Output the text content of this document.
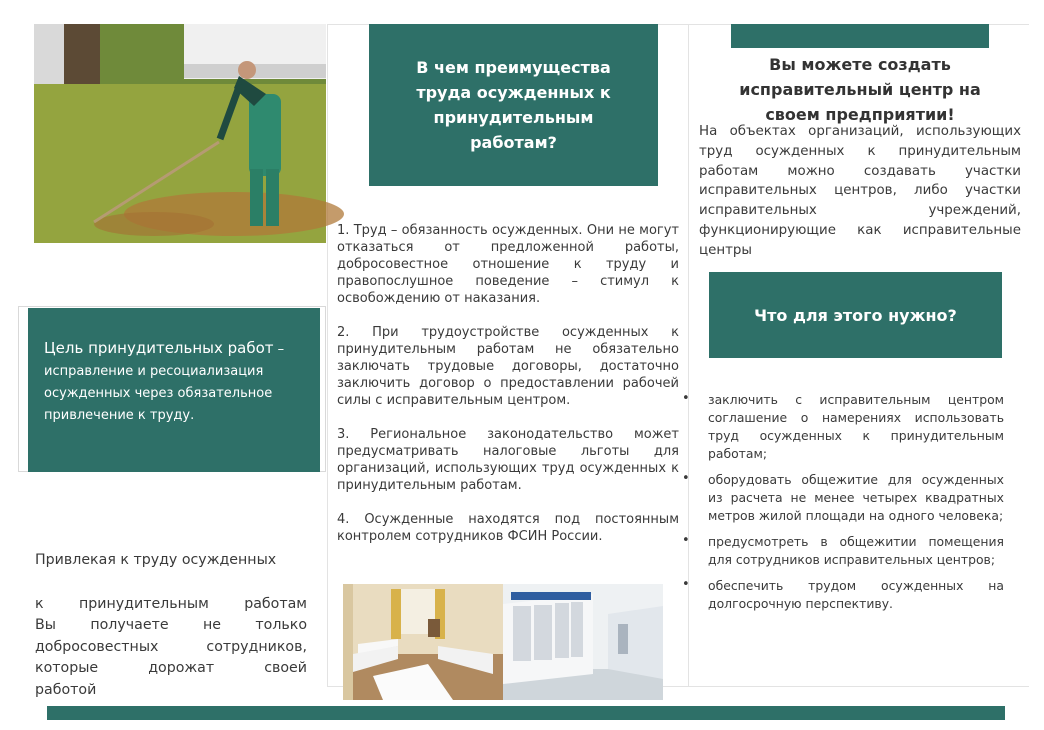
Цель принудительных работ – исправление и ресоциализация осужденных через обязательное привлечение к труду.
Привлекая к труду осужденных
к принудительным работам
Вы получаете не только
добросовестных сотрудников,
которые дорожат своей
работой
В чем преимущества труда осужденных к принудительным работам?

1. Труд – обязанность осужденных. Они не могут отказаться от предложенной работы, добросовестное отношение к труду и правопослушное поведение – стимул к освобождению от наказания.

2. При трудоустройстве осужденных к принудительным работам не обязательно заключать трудовые договоры, достаточно заключить договор о предоставлении рабочей силы с исправительным центром.

3. Региональное законодательство может предусматривать налоговые льготы для организаций, использующих труд осужденных к принудительным работам.

4. Осужденные находятся под постоянным контролем сотрудников ФСИН России.

Вы можете создать исправительный центр на своем предприятии!
На объектах организаций, использующих труд осужденных к принудительным работам можно создавать участки исправительных центров, либо участки исправительных учреждений, функционирующие как исправительные центры
Что для этого нужно?
• заключить с исправительным центром соглашение о намерениях использовать труд осужденных к принудительным работам;
• оборудовать общежитие для осужденных из расчета не менее четырех квадратных метров жилой площади на одного человека;
• предусмотреть в общежитии помещения для сотрудников исправительных центров;
• обеспечить трудом осужденных на долгосрочную перспективу.
